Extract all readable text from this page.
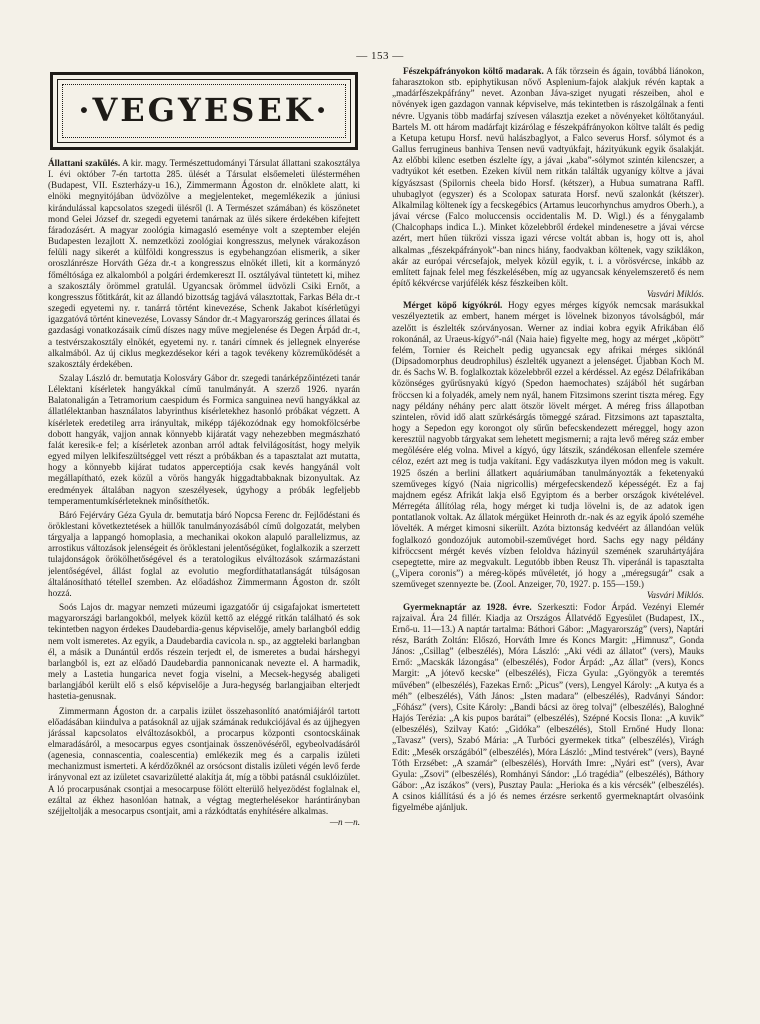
— 153 —
·VEGYESEK·

Állattani szakülés. A kir. magy. Természettudományi Társulat állattani szakosztálya I. évi október 7-én tartotta 285. ülését a Társulat elsőemeleti ülésterméhen (Budapest, VII. Eszterházy-u 16.), Zimmermann Ágoston dr. elnöklete alatt, ki elnöki megnyitójában üdvözölve a megjelenteket, megemlékezik a júniusi kirándulással kapcsolatos szegedi ülésről (l. A Természet számában) és köszönetet mond Gelei József dr. szegedi egyetemi tanárnak az ülés sikere érdekében kifejtett fáradozásért. A magyar zoológia kimagasló eseménye volt a szeptember elején Budapesten lezajlott X. nemzetközi zoológiai kongresszus, melynek várakozáson felüli nagy sikerét a külföldi kongresszus is egybehangzóan elismerik, a siker oroszlánrésze Horváth Géza dr.-t a kongresszus elnökét illeti, kit a kormányzó főméltósága ez alkalomból a polgári érdemkereszt II. osztályával tüntetett ki, mihez a szakosztály örömmel gratulál. Ugyancsak örömmel üdvözli Csiki Ernőt, a kongresszus főtitkárát, kit az állandó bizottság tagjává választottak, Farkas Béla dr.-t szegedi egyetemi ny. r. tanárrá történt kinevezése, Schenk Jakabot kísérletügyi igazgatóvá történt kinevezése, Lovassy Sándor dr.-t Magyarország gerinces állatai és gazdasági vonatkozásaik című díszes nagy műve megjelenése és Degen Árpád dr.-t, a testvérszakosztály elnökét, egyetemi ny. r. tanári címnek és jellegnek elnyerése alkalmából. Az új ciklus megkezdésekor kéri a tagok tevékeny közreműködését a szakosztály érdekében.

Szalay László dr. bemutatja Kolosváry Gábor dr. szegedi tanárképzőintézeti tanár Lélektani kísérletek hangyákkal című tanulmányát. A szerző 1926. nyarán Balatonaligán a Tetramorium caespidum és Formica sanguinea nevű hangyákkal az állatlélektanban használatos labyrinthus kísérletekhez hasonló próbákat végzett. A kísérletek eredetileg arra irányultak, miképp tájékozódnak egy homokfölcsérbe dobott hangyák, vajjon annak könnyebb kijáratát vagy nehezebben megmászható falát keresik-e fel; a kísérletek azonban arról adtak felvilágosítást, hogy melyik egyed milyen lelkifeszültséggel vett részt a próbákban és a tapasztalat azt mutatta, hogy a könnyebb kijárat tudatos apperceptiója csak kevés hangyánál volt megállapítható, ezek közül a vörös hangyák higgadtabbaknak bizonyultak. Az eredmények általában nagyon szeszélyesek, úgyhogy a próbák legfeljebb temperamentumkísérleteknek minősíthetők.

Báró Fejérváry Géza Gyula dr. bemutatja báró Nopcsa Ferenc dr. Fejlődéstani és öröklestani következtetések a hüllők tanulmányozásából című dolgozatát, melyben tárgyalja a lappangó homoplasia, a mechanikai okokon alapuló parallelizmus, az arrostikus változások jelenségeit és öröklestani jelentőségüket, foglalkozik a szerzett tulajdonságok örökölhetőségével és a teratologikus elváltozások származástani jelentőségével, állást foglal az evolutio megfordíthatatlanságát túlságosan általánosítható tételleI szemben. Az előadáshoz Zimmermann Ágoston dr. szólt hozzá.

Soós Lajos dr. magyar nemzeti múzeumi igazgatóőr új csigafajokat ismertetett magyarországi barlangokból, melyek közül kettő az eléggé ritkán található és sok tekintetben nagyon érdekes Daudebardia-genus képviselője, amely barlangból eddig nem volt ismeretes. Az egyik, a Daudebardia cavicola n. sp., az aggteleki barlangban él, a másik a Dunántúl erdős részein terjedt el, de ismeretes a budai hárshegyi barlangból is, ezt az előadó Daudebardia pannonicanak nevezte el. A harmadik, mely a Lastetia hungarica nevet fogja viselni, a Mecsek-hegység abaligeti barlangjából került elő s első képviselője a Jura-hegység barlangjaiban elterjedt hastetia-genusnak.

Zimmermann Ágoston dr. a carpalis izület összehasonlító anatómiájáról tartott előadásában kiindulva a patásoknál az ujjak számának redukciójával és az újjhegyen járással kapcsolatos elváltozásokból, a procarpus központi csontocskáinak elmaradásáról, a mesocarpus egyes csontjainak összenövéséről, egybeolvadásáról (agenesia, connascentia, coalescentia) emlékezik meg és a carpalis izületi mechanizmust ismerteti. A kérdőzőknél az orsócsont distalis izületi végén levő ferde irányvonal ezt az izületet csavarizületté alakítja át, míg a többi patásnál csuklóizület. A ló procarpusának csontjai a mesocarpuse fölött elterülő helyezödést foglalnak el, ezáltal az ékhez hasonlóan hatnak, a végtag megterhelésekor harántirányban széjjeltolják a mesocarpus csontjait, ami a rázkódtatás enyhítésére alkalmas.

—n —n.

Fészekpáfrányokon költő madarak. A fák törzsein és ágain, továbbá liánokon, faharasztokon stb. epiphytikusan nővő Asplenium-fajok alakjuk révén kaptak a „madárfészekpáfrány” nevet. Azonban Jáva-sziget nyugati részeiben, ahol e növények igen gazdagon vannak képviselve, más tekintetben is rászolgálnak a fenti névre. Ugyanis több madárfaj szívesen választja ezeket a növényeket költőtanyául. Bartels M. ott három madárfajt kizárólag e fészekpáfrányokon költve talált és pedig a Ketupa ketupu Horsf. nevű halászbaglyot, a Falco severus Horsf. sólymot és a Gallus ferrugineus banhiva Tensen nevű vadtyúkfajt, házityúkunk egyik ősalakját. Az előbbi kilenc esetben észlelte így, a jávai „kaba”-sólymot szintén kilencszer, a vadtyúkot két esetben. Ezeken kívül nem ritkán találták ugyanígy költve a jávai kígyászsast (Spilornis cheela bido Horsf. (kétszer), a Hubua sumatrana Raffl. uhubaglyot (egyszer) és a Scolopax saturata Horsf. nevű szalonkát (kétszer). Alkalmilag költenek így a fecskegébics (Artamus leucorhynchus amydros Oberh.), a jávai vércse (Falco moluccensis occidentalis M. D. Wigl.) és a fénygalamb (Chalcophaps indica L.). Minket közelebbről érdekel mindenesetre a jávai vércse azért, mert hűen tükrözi vissza igazi vércse voltát abban is, hogy ott is, ahol alkalmas „fészekpáfrányok”-ban nincs hiány, faodvakban költenek, vagy sziklákon, akár az európai vércsefajok, melyek közül egyik, t. i. a vörösvércse, inkább az említett fajnak felel meg fészkelésében, míg az ugyancsak kényelemszerető és nem építő kékvércse varjúfélék kész fészkeiben költ.

Vasvári Miklós.

Mérget köpő kígyókról. Hogy egyes mérges kígyók nemcsak marásukkal veszélyeztetik az embert, hanem mérget is lövelnek bizonyos távolságból, már azelőtt is észlelték szórványosan. Werner az indiai kobra egyik Afrikában élő rokonánál, az Uraeus-kígyó”-nál (Naia haie) figyelte meg, hogy az mérget „köpött” felém, Tornier és Reichelt pedig ugyancsak egy afrikai mérges siklónál (Dipsadomorphus deudrophilus) észlelték ugyanezt a jelenséget. Újabban Koch M. dr. és Sachs W. B. foglalkoztak közelebbről ezzel a kérdéssel. Az egész Délafrikában közönséges gyűrűsnyakú kígyó (Spedon haemochates) szájából hét sugárban fröccsen ki a folyadék, amely nem nyál, hanem Fitzsimons szerint tiszta méreg. Egy nagy példány néhány perc alatt ötször lövelt mérget. A méreg friss állapotban szintelen, rövid idő alatt szürkésárgás tömeggé szárad. Fitzsimons azt tapasztalta, hogy a Sepedon egy korongot oly sűrűn befecskendezett méreggel, hogy azon keresztül nagyobb tárgyakat sem lehetett megismerni; a rajta levő méreg száz ember megölésére elég volna. Mivel a kígyó, úgy látszik, szándékosan ellenfele szemére céloz, ezért azt meg is tudja vakítani. Egy vadászkutya ilyen módon meg is vakult. 1925 őszén a berlini állatkert aquáriumában tanulmányozták a feketenyakú szeműveges kígyó (Naia nigricollis) mérgefecskendező képességét. Ez a faj majdnem egész Afrikát lakja első Egyiptom és a berber országok kivételével. Mérregéta állítólag réla, hogy mérget ki tudja lövelni is, de az adatok igen pontatlanok voltak. Az állatok mérgüket Heinroth dr.-nak és az egyik ápoló szeméhe lövelték. A mérget kimosni sikerült. Azóta biztonság kedvéért az állandóan velük foglalkozó gondozójuk automobil-szeművéget hord. Sachs egy nagy példány kifröccsent mérgét kevés vízben feloldva házinyúl szemének szaruhártyájára csepegtette, mire az megvakult. Legutóbb ibben Reusz Th. viperánál is tapasztalta („Vipera coronis”) a méreg-köpés művéletét, jó hogy a „méregsugár” csak a szeműveget szennyezte be. (Zool. Anzeiger, 70, 1927. p. 155—159.)

Vasvári Miklós.

Gyermeknaptár az 1928. évre. Szerkeszti: Fodor Árpád. Vezényi Elemér rajzaival. Ára 24 fillér. Kiadja az Országos Állatvédő Egyesület (Budapest, IX., Ernő-u. 11—13.) A naptár tartalma: Báthori Gábor: „Magyarország” (vers), Naptári rész, Baráth Zoltán: Előszó, Horváth Imre és Koncs Margit: „Himnusz”, Gonda János: „Csillag” (elbeszélés), Móra László: „Aki védi az állatot” (vers), Mauks Ernő: „Macskák lázongása” (elbeszélés), Fodor Árpád: „Az állat” (vers), Koncs Margit: „A jótevő kecske” (elbeszélés), Ficza Gyula: „Gyöngyök a teremtés művében” (elbeszélés), Fazekas Ernő: „Picus” (vers), Lengyel Károly: „A kutya és a méh” (elbeszélés), Váth János: „Isten madara” (elbeszélés), Radványi Sándor: „Fóhász” (vers), Csite Károly: „Bandi bácsi az öreg tolvaj” (elbeszélés), Baloghné Hajós Terézia: „A kis pupos barátai” (elbeszélés), Szépné Kocsis Ilona: „A kuvik” (elbeszélés), Szilvay Kató: „Gidóka” (elbeszélés), Stoll Ernőné Hudy Ilona: „Tavasz” (vers), Szabó Mária: „A Turbóci gyermekek titka” (elbeszélés), Virágh Edit: „Mesék országából” (elbeszélés), Móra László: „Mind testvérek” (vers), Bayné Tóth Erzsébet: „A szamár” (elbeszélés), Horváth Imre: „Nyári est” (vers), Avar Gyula: „Zsovi” (elbeszélés), Romhányi Sándor: „Ló tragédia” (elbeszélés), Báthory Gábor: „Az iszákos” (vers), Pusztay Paula: „Herioka és a kis vércsék” (elbeszélés). A csinos kiállítású és a jó és nemes érzésre serkentő gyermeknaptárt olvasóink figyelmébe ajánljuk.
